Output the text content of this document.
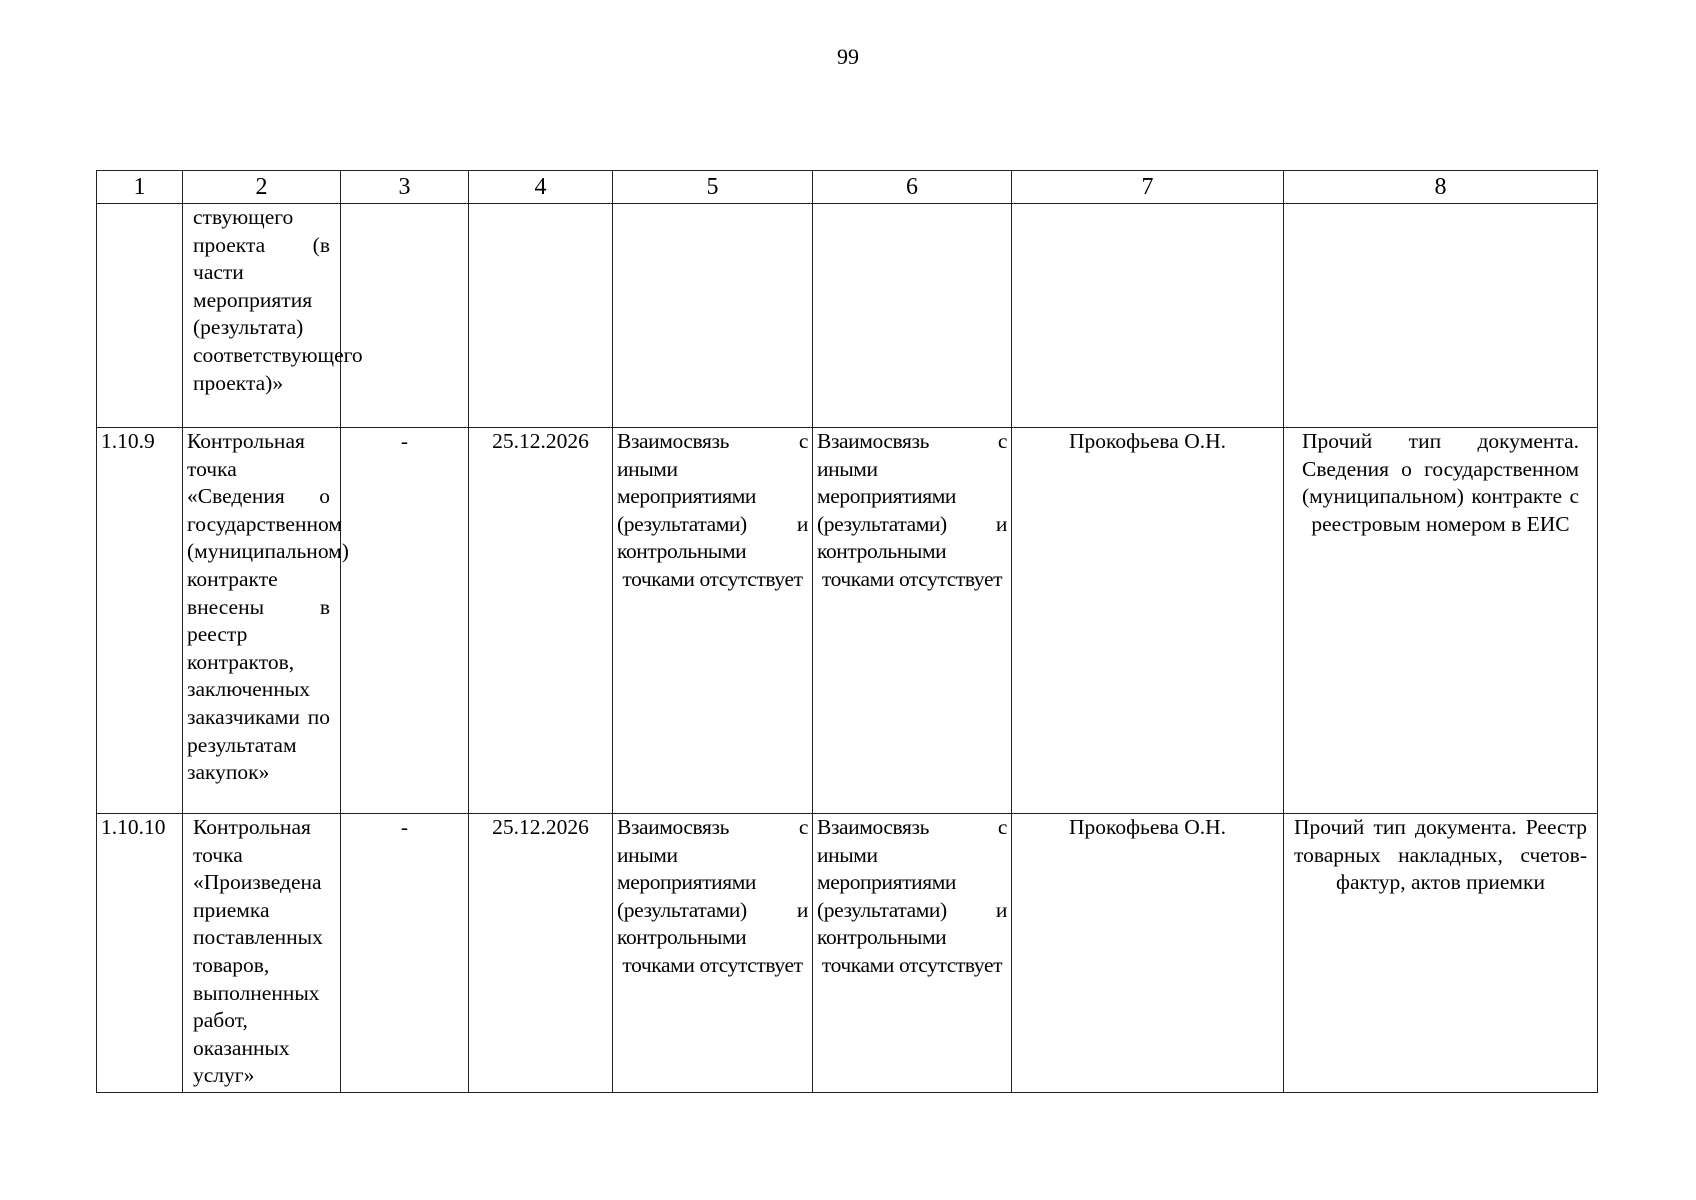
99
1	2	3	4	5	6	7	8
	ствующего проекта (в части мероприятия (результата) соответствующего проекта)»						
1.10.9	Контрольная точка «Сведения о государственном (муниципальном) контракте внесены в реестр контрактов, заключенных заказчиками по результатам закупок»	-	25.12.2026	Взаимосвязь с иными мероприятиями (результатами) и контрольными точками отсутствует	Взаимосвязь с иными мероприятиями (результатами) и контрольными точками отсутствует	Прокофьева О.Н.	Прочий тип документа. Сведения о государственном (муниципальном) контракте с реестровым номером в ЕИС
1.10.10	Контрольная точка «Произведена приемка поставленных товаров, выполненных работ, оказанных услуг»	-	25.12.2026	Взаимосвязь с иными мероприятиями (результатами) и контрольными точками отсутствует	Взаимосвязь с иными мероприятиями (результатами) и контрольными точками отсутствует	Прокофьева О.Н.	Прочий тип документа. Реестр товарных накладных, счетов-фактур, актов приемки
